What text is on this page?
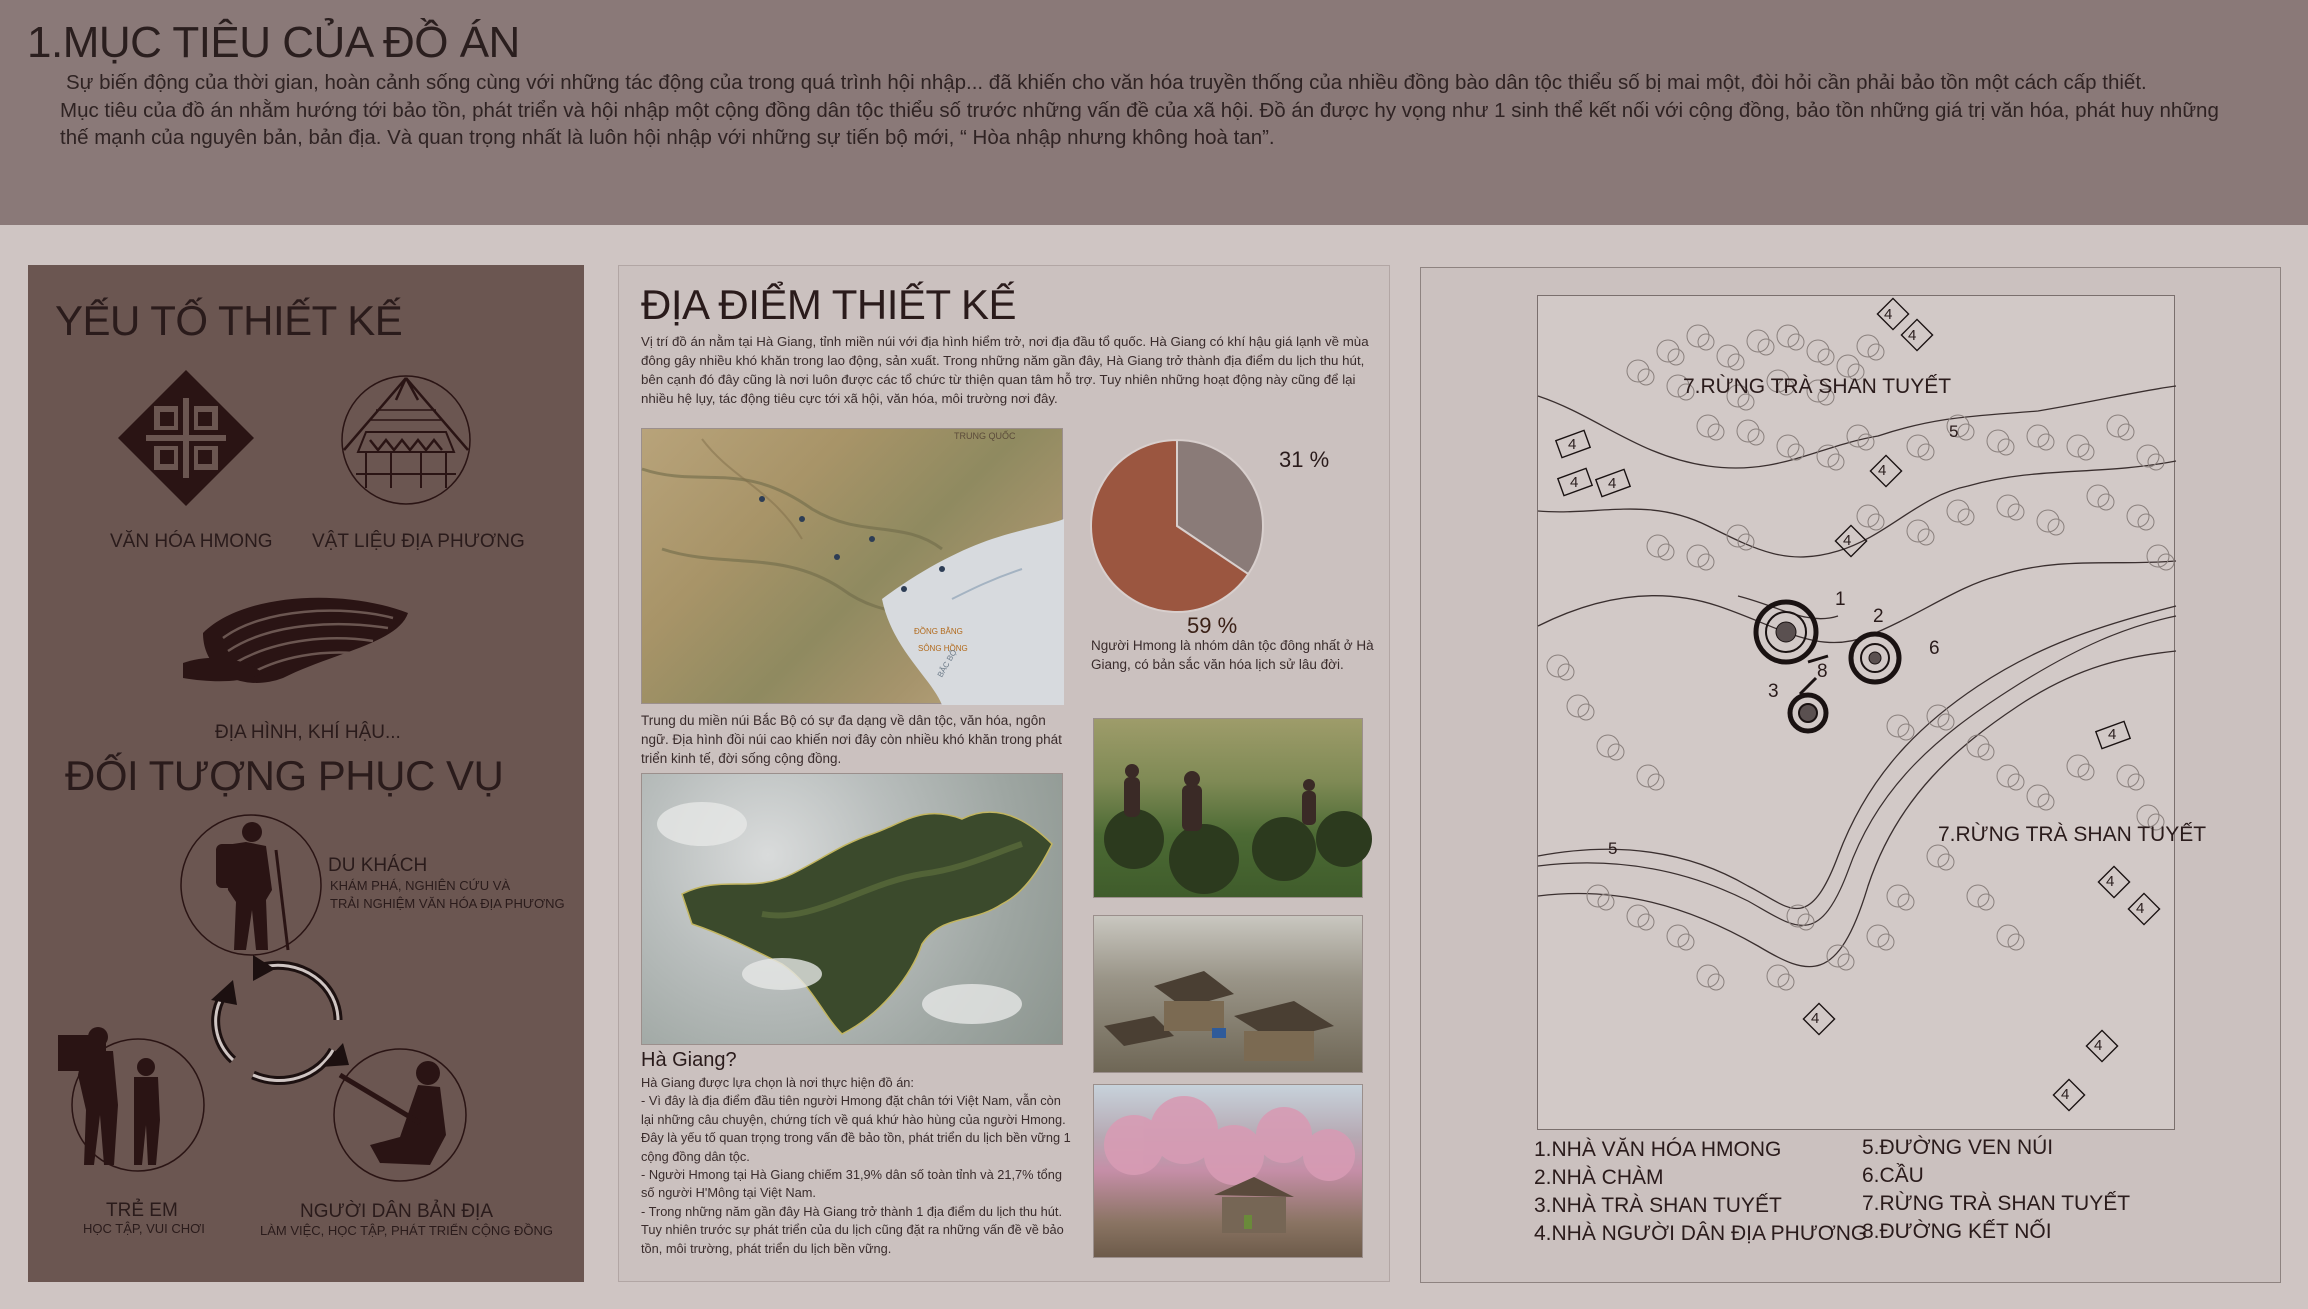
1.MỤC TIÊU CỦA ĐỒ ÁN

Sự biến động của thời gian, hoàn cảnh sống cùng với những tác động của trong quá trình hội nhập... đã khiến cho văn hóa truyền thống của nhiều đồng bào dân tộc thiểu số bị mai một, đòi hỏi cần phải bảo tồn một cách cấp thiết.

Mục tiêu của đồ án nhằm hướng tới bảo tồn, phát triển và hội nhập một cộng đồng dân tộc thiểu số trước những vấn đề của xã hội. Đồ án được hy vọng như 1 sinh thể kết nối với cộng đồng, bảo tồn những giá trị văn hóa, phát huy những

thế mạnh của nguyên bản, bản địa. Và quan trọng nhất là luôn hội nhập với những sự tiến bộ mới, “ Hòa nhập nhưng không hoà tan”.

YẾU TỐ THIẾT KẾ
VĂN HÓA HMONG VẬT LIỆU ĐỊA PHƯƠNG
ĐỊA HÌNH, KHÍ HẬU...
ĐỐI TƯỢNG PHỤC VỤ
DU KHÁCH
KHÁM PHÁ, NGHIÊN CỨU VÀ
TRẢI NGHIỆM VĂN HÓA ĐỊA PHƯƠNG
TRẺ EM
HỌC TẬP, VUI CHƠI
NGƯỜI DÂN BẢN ĐỊA
LÀM VIỆC, HỌC TẬP, PHÁT TRIỂN CỘNG ĐỒNG
ĐỊA ĐIỂM THIẾT KẾ

Vị trí đồ án nằm tại Hà Giang, tỉnh miền núi với địa hình hiểm trở, nơi địa đầu tổ quốc. Hà Giang có khí hậu giá lạnh về mùa đông gây nhiều khó khăn trong lao động, sản xuất. Trong những năm gần đây, Hà Giang trở thành địa điểm du lịch thu hút, bên cạnh đó đây cũng là nơi luôn được các tổ chức từ thiện quan tâm hỗ trợ. Tuy nhiên những hoạt động này cũng để lại nhiều hệ lụy, tác động tiêu cực tới xã hội, văn hóa, môi trường nơi đây.

TRUNG QUỐC
ĐỒNG BẰNG
SÔNG HỒNG
BẮC BỘ

Trung du miền núi Bắc Bộ có sự đa dạng về dân tộc, văn hóa, ngôn ngữ. Địa hình đồi núi cao khiến nơi đây còn nhiều khó khăn trong phát triển kinh tế, đời sống cộng đồng.

31 %
59 %

Người Hmong là nhóm dân tộc đông nhất ở Hà Giang, có bản sắc văn hóa lịch sử lâu đời.

Hà Giang?

Hà Giang được lựa chọn là nơi thực hiện đồ án:

- Vì đây là địa điểm đầu tiên người Hmong đặt chân tới Việt Nam, vẫn còn lại những câu chuyện, chứng tích về quá khứ hào hùng của người Hmong. Đây là yếu tố quan trọng trong vấn đề bảo tồn, phát triển du lịch bền vững 1 cộng đồng dân tộc.

- Người Hmong tại Hà Giang chiếm 31,9% dân số toàn tỉnh và 21,7% tổng số người H'Mông tại Việt Nam.

- Trong những năm gần đây Hà Giang trở thành 1 địa điểm du lịch thu hút. Tuy nhiên trước sự phát triển của du lịch cũng đặt ra những vấn đề về bảo tồn, môi trường, phát triển du lịch bền vững.

7.RỪNG TRÀ SHAN TUYẾT
7.RỪNG TRÀ SHAN TUYẾT
1
2
3
8
6
5
5
4
4
4
4 4
4
4
4
4
4
4
4
4
1.NHÀ VĂN HÓA HMONG
2.NHÀ CHÀM
3.NHÀ TRÀ SHAN TUYẾT
4.NHÀ NGƯỜI DÂN ĐỊA PHƯƠNG
5.ĐƯỜNG VEN NÚI
6.CẦU
7.RỪNG TRÀ SHAN TUYẾT
8.ĐƯỜNG KẾT NỐI
